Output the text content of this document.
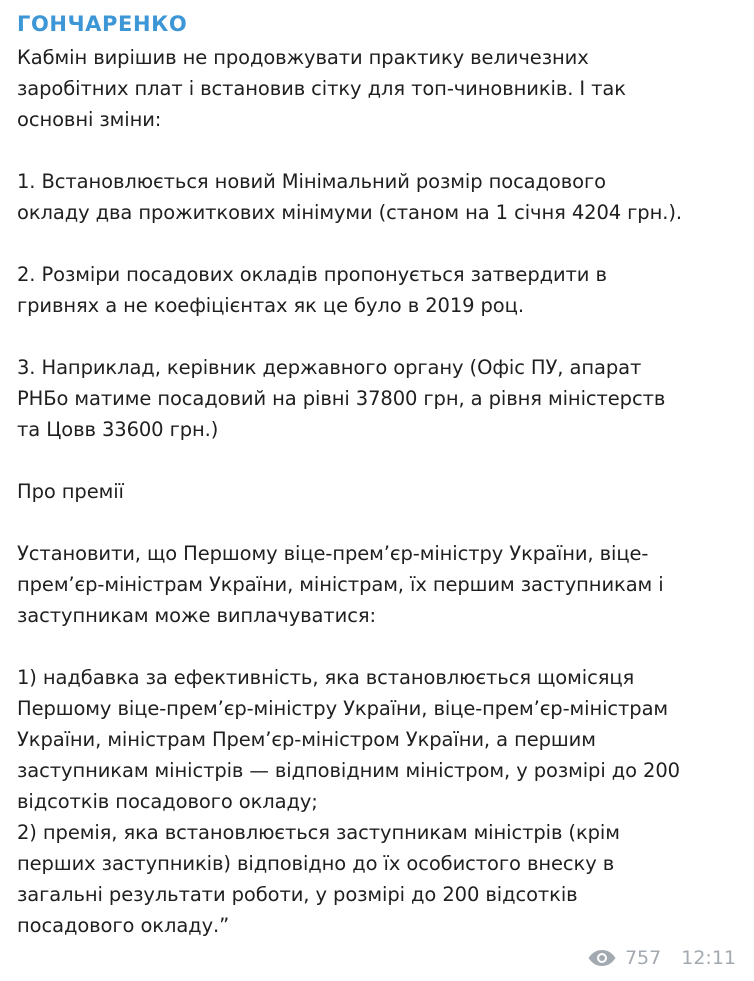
ГОНЧАРЕНКО

Кабмін вирішив не продовжувати практику величезних

заробітних плат і встановив сітку для топ-чиновників. І так

основні зміни:

1. Встановлюється новий Мінімальний розмір посадового

окладу два прожиткових мінімуми (станом на 1 січня 4204 грн.).

2. Розміри посадових окладів пропонується затвердити в

гривнях а не коефіцієнтах як це було в 2019 роц.

3. Наприклад, керівник державного органу (Офіс ПУ, апарат

РНБо матиме посадовий на рівні 37800 грн, а рівня міністерств

та Цовв 33600 грн.)

Про премії

Установити, що Першому віце-прем’єр-міністру України, віце-

прем’єр-міністрам України, міністрам, їх першим заступникам і

заступникам може виплачуватися:

1) надбавка за ефективність, яка встановлюється щомісяця

Першому віце-прем’єр-міністру України, віце-прем’єр-міністрам

України, міністрам Прем’єр-міністром України, а першим

заступникам міністрів — відповідним міністром, у розмірі до 200

відсотків посадового окладу;

2) премія, яка встановлюється заступникам міністрів (крім

перших заступників) відповідно до їх особистого внеску в

загальні результати роботи, у розмірі до 200 відсотків

посадового окладу.”

757 12:11
